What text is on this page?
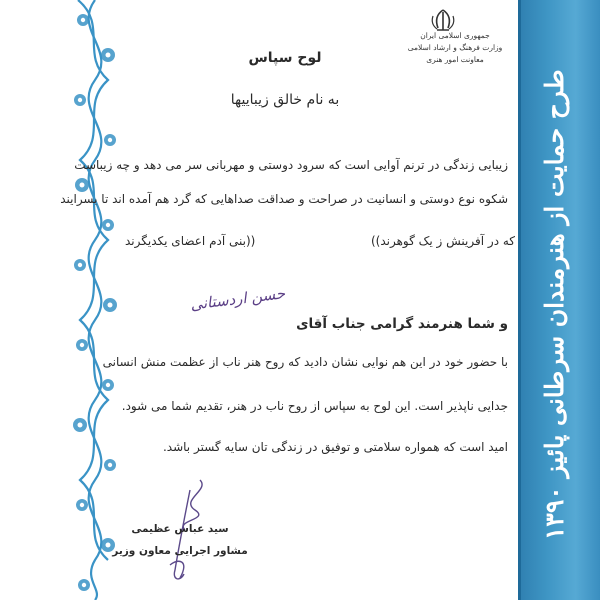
طرح حمایت از هنرمندان سرطانی پائیز ۱۳۹۰
جمهوری اسلامی ایران
وزارت فرهنگ و ارشاد اسلامی
معاونت امور هنری
لوح سپاس
به نام خالق زیباییها
زیبایی زندگی در ترنم آوایی است که سرود دوستی و مهربانی سر می دهد و چه زیباست
شکوه نوع دوستی و انسانیت در صراحت و صداقت صداهایی که گرد هم آمده اند تا بسرایند
((بنی آدم اعضای یکدیگرند	که در آفرینش ز یک گوهرند))
و شما هنرمند گرامی جناب آقای
حسن اردستانی
با حضور خود در این هم نوایی نشان دادید که روح هنر ناب از عظمت منش انسانی
جدایی ناپذیر است. این لوح به سپاس از روح ناب در هنر، تقدیم شما می شود.
امید است که همواره سلامتی و توفیق در زندگی تان سایه گستر باشد.
سید عباس عظیمی
مشاور اجرایی معاون وزیر
